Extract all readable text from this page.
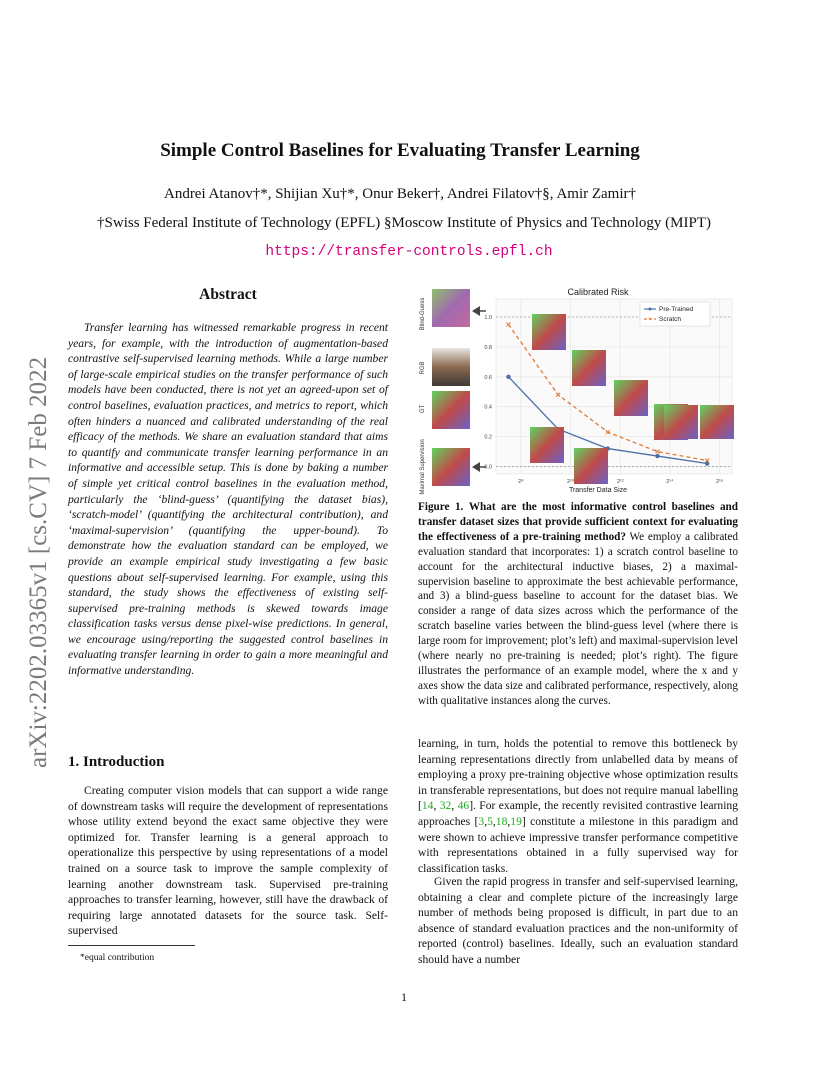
arXiv:2202.03365v1 [cs.CV] 7 Feb 2022
Simple Control Baselines for Evaluating Transfer Learning
Andrei Atanov†*, Shijian Xu†*, Onur Beker†, Andrei Filatov†§, Amir Zamir†
†Swiss Federal Institute of Technology (EPFL) §Moscow Institute of Physics and Technology (MIPT)
https://transfer-controls.epfl.ch
Abstract

Transfer learning has witnessed remarkable progress in recent years, for example, with the introduction of augmentation-based contrastive self-supervised learning methods. While a large number of large-scale empirical studies on the transfer performance of such models have been conducted, there is not yet an agreed-upon set of control baselines, evaluation practices, and metrics to report, which often hinders a nuanced and calibrated understanding of the real efficacy of the methods. We share an evaluation standard that aims to quantify and communicate transfer learning performance in an informative and accessible setup. This is done by baking a number of simple yet critical control baselines in the evaluation method, particularly the ‘blind-guess’ (quantifying the dataset bias), ‘scratch-model’ (quantifying the architectural contribution), and ‘maximal-supervision’ (quantifying the upper-bound). To demonstrate how the evaluation standard can be employed, we provide an example empirical study investigating a few basic questions about self-supervised learning. For example, using this standard, the study shows the effectiveness of existing self-supervised pre-training methods is skewed towards image classification tasks versus dense pixel-wise predictions. In general, we encourage using/reporting the suggested control baselines in evaluating transfer learning in order to gain a more meaningful and informative understanding.

1. Introduction

Creating computer vision models that can support a wide range of downstream tasks will require the development of representations whose utility extend beyond the exact same objective they were optimized for. Transfer learning is a general approach to operationalize this perspective by using representations of a model trained on a source task to improve the sample complexity of learning another downstream task. Supervised pre-training approaches to transfer learning, however, still have the drawback of requiring large annotated datasets for the source task. Self-supervised

*equal contribution
1
Blind-Guess
RGB
GT
Maximal Supervision
Calibrated Risk
0.0
0.2
0.4
0.6
0.8
1.0
2⁸	2¹⁰	2¹²	2¹⁴	2¹⁶
Transfer Data Size
Pre-Trained
× Scratch

Figure 1. What are the most informative control baselines and transfer dataset sizes that provide sufficient context for evaluating the effectiveness of a pre-training method? We employ a calibrated evaluation standard that incorporates: 1) a scratch control baseline to account for the architectural inductive biases, 2) a maximal-supervision baseline to approximate the best achievable performance, and 3) a blind-guess baseline to account for the dataset bias. We consider a range of data sizes across which the performance of the scratch baseline varies between the blind-guess level (where there is large room for improvement; plot’s left) and maximal-supervision level (where nearly no pre-training is needed; plot’s right). The figure illustrates the performance of an example model, where the x and y axes show the data size and calibrated performance, respectively, along with qualitative instances along the curves.

learning, in turn, holds the potential to remove this bottleneck by learning representations directly from unlabelled data by means of employing a proxy pre-training objective whose optimization results in transferable representations, but does not require manual labelling [14, 32, 46]. For example, the recently revisited contrastive learning approaches [3,5,18,19] constitute a milestone in this paradigm and were shown to achieve impressive transfer performance competitive with representations obtained in a fully supervised way for classification tasks.

Given the rapid progress in transfer and self-supervised learning, obtaining a clear and complete picture of the increasingly large number of methods being proposed is difficult, in part due to an absence of standard evaluation practices and the non-uniformity of reported (control) baselines. Ideally, such an evaluation standard should have a number
